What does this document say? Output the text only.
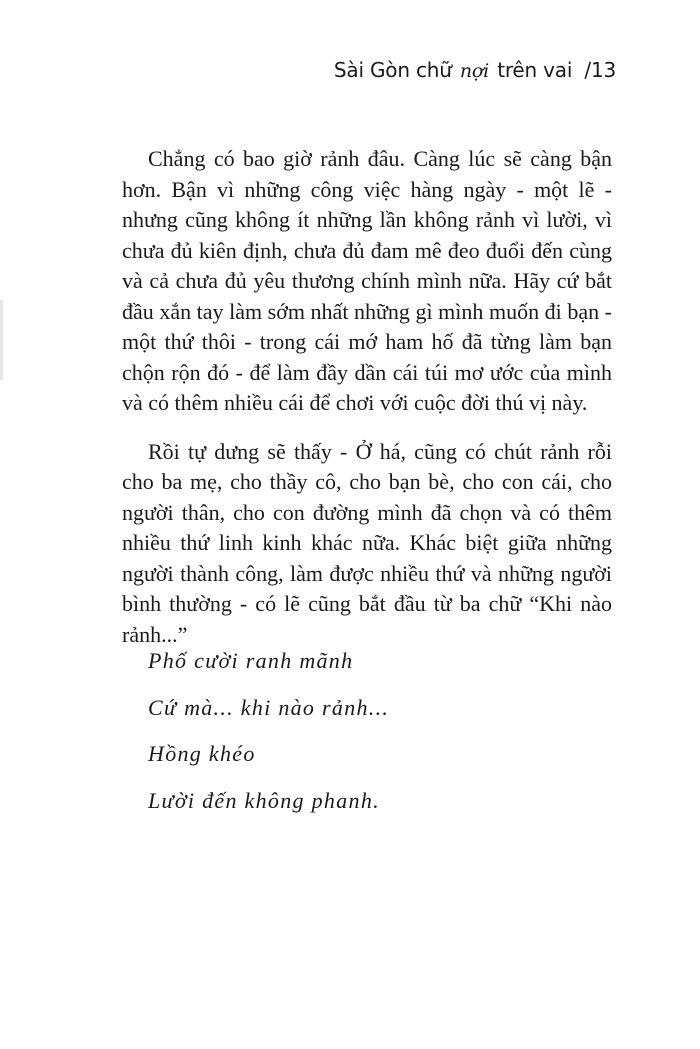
Sài Gòn chữ nợi trên vai /13

Chẳng có bao giờ rảnh đâu. Càng lúc sẽ càng bận hơn. Bận vì những công việc hàng ngày - một lẽ - nhưng cũng không ít những lần không rảnh vì lười, vì chưa đủ kiên định, chưa đủ đam mê đeo đuổi đến cùng và cả chưa đủ yêu thương chính mình nữa. Hãy cứ bắt đầu xắn tay làm sớm nhất những gì mình muốn đi bạn - một thứ thôi - trong cái mớ ham hố đã từng làm bạn chộn rộn đó - để làm đầy dần cái túi mơ ước của mình và có thêm nhiều cái để chơi với cuộc đời thú vị này.

Rồi tự dưng sẽ thấy - Ở há, cũng có chút rảnh rỗi cho ba mẹ, cho thầy cô, cho bạn bè, cho con cái, cho người thân, cho con đường mình đã chọn và có thêm nhiều thứ linh kinh khác nữa. Khác biệt giữa những người thành công, làm được nhiều thứ và những người bình thường - có lẽ cũng bắt đầu từ ba chữ “Khi nào rảnh...”

Phố cười ranh mãnh
Cứ mà... khi nào rảnh...
Hồng khéo
Lười đến không phanh.
